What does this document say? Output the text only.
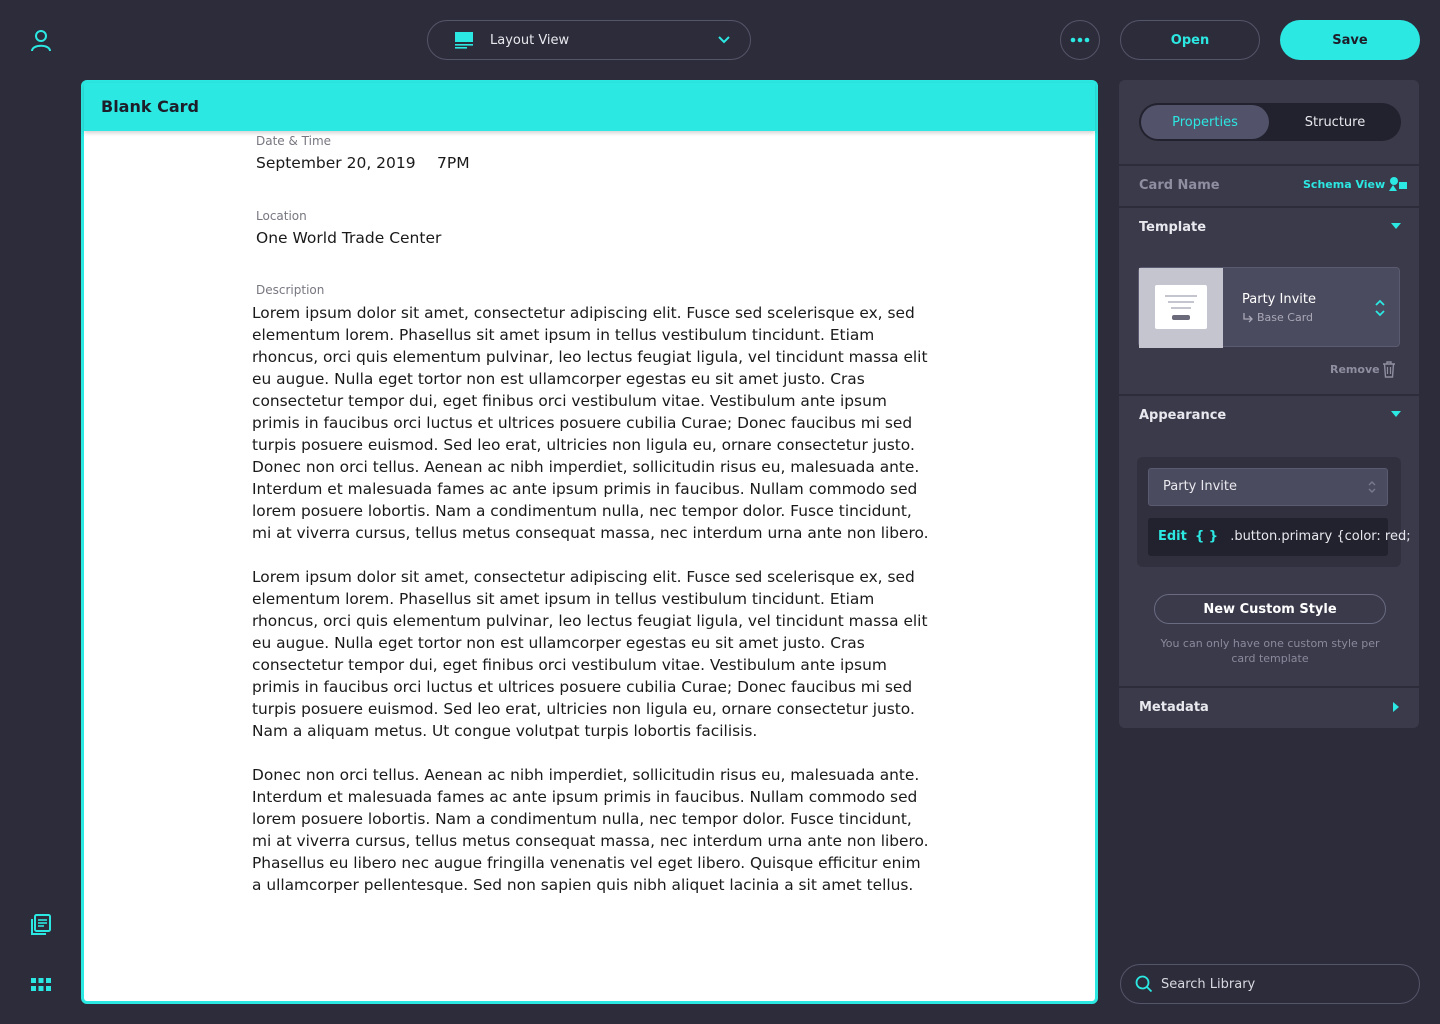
Layout View	Open	Save
Blank Card
Date & Time
September 20, 2019 7PM
Location
One World Trade Center
Description

Lorem ipsum dolor sit amet, consectetur adipiscing elit. Fusce sed scelerisque ex, sed elementum lorem. Phasellus sit amet ipsum in tellus vestibulum tincidunt. Etiam rhoncus, orci quis elementum pulvinar, leo lectus feugiat ligula, vel tincidunt massa elit eu augue. Nulla eget tortor non est ullamcorper egestas eu sit amet justo. Cras consectetur tempor dui, eget finibus orci vestibulum vitae. Vestibulum ante ipsum primis in faucibus orci luctus et ultrices posuere cubilia Curae; Donec faucibus mi sed turpis posuere euismod. Sed leo erat, ultricies non ligula eu, ornare consectetur justo. Donec non orci tellus. Aenean ac nibh imperdiet, sollicitudin risus eu, malesuada ante. Interdum et malesuada fames ac ante ipsum primis in faucibus. Nullam commodo sed lorem posuere lobortis. Nam a condimentum nulla, nec tempor dolor. Fusce tincidunt, mi at viverra cursus, tellus metus consequat massa, nec interdum urna ante non libero.

Lorem ipsum dolor sit amet, consectetur adipiscing elit. Fusce sed scelerisque ex, sed elementum lorem. Phasellus sit amet ipsum in tellus vestibulum tincidunt. Etiam rhoncus, orci quis elementum pulvinar, leo lectus feugiat ligula, vel tincidunt massa elit eu augue. Nulla eget tortor non est ullamcorper egestas eu sit amet justo. Cras consectetur tempor dui, eget finibus orci vestibulum vitae. Vestibulum ante ipsum primis in faucibus orci luctus et ultrices posuere cubilia Curae; Donec faucibus mi sed turpis posuere euismod. Sed leo erat, ultricies non ligula eu, ornare consectetur justo. Nam a aliquam metus. Ut congue volutpat turpis lobortis facilisis.

Donec non orci tellus. Aenean ac nibh imperdiet, sollicitudin risus eu, malesuada ante. Interdum et malesuada fames ac ante ipsum primis in faucibus. Nullam commodo sed lorem posuere lobortis. Nam a condimentum nulla, nec tempor dolor. Fusce tincidunt, mi at viverra cursus, tellus metus consequat massa, nec interdum urna ante non libero. Phasellus eu libero nec augue fringilla venenatis vel eget libero. Quisque efficitur enim a ullamcorper pellentesque. Sed non sapien quis nibh aliquet lacinia a sit amet tellus.

Properties	Structure
Card Name	Schema View
Template
Party Invite
Base Card
Remove
Appearance
Party Invite
Edit { } .button.primary {color: red;
New Custom Style
You can only have one custom style per card template
Metadata
Search Library
